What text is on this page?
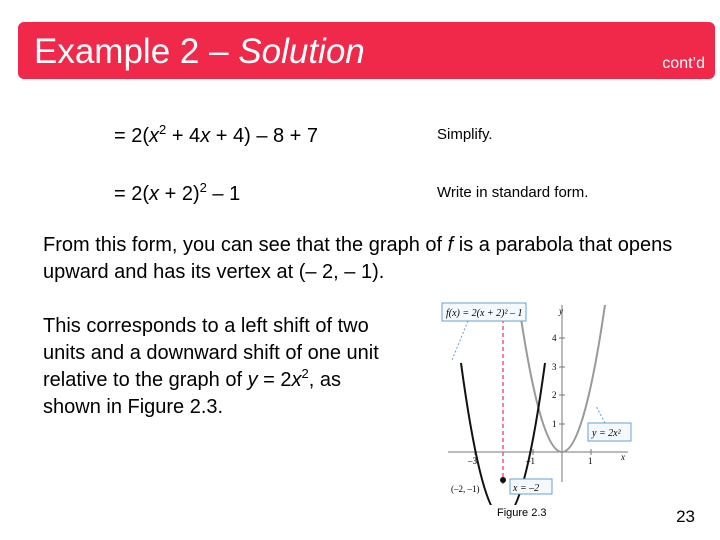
Example 2 – Solution	cont’d
= $2(x^2 + 4x + 4) - 8 + 7$	Simplify.
= $2(x + 2)^2 - 1$	Write in standard form.
From this form, you can see that the graph of f is a parabola that opens upward and has its vertex at (– 2, – 1).
This corresponds to a left shift of two units and a downward shift of one unit relative to the graph of $y = 2x^2$, as shown in Figure 2.3.
f(x) = 2(x + 2)² – 1
y = 2x²
x = –2
(–2, –1)
y
x
4
3
2
1
–3	–1	1
Figure 2.3	23
